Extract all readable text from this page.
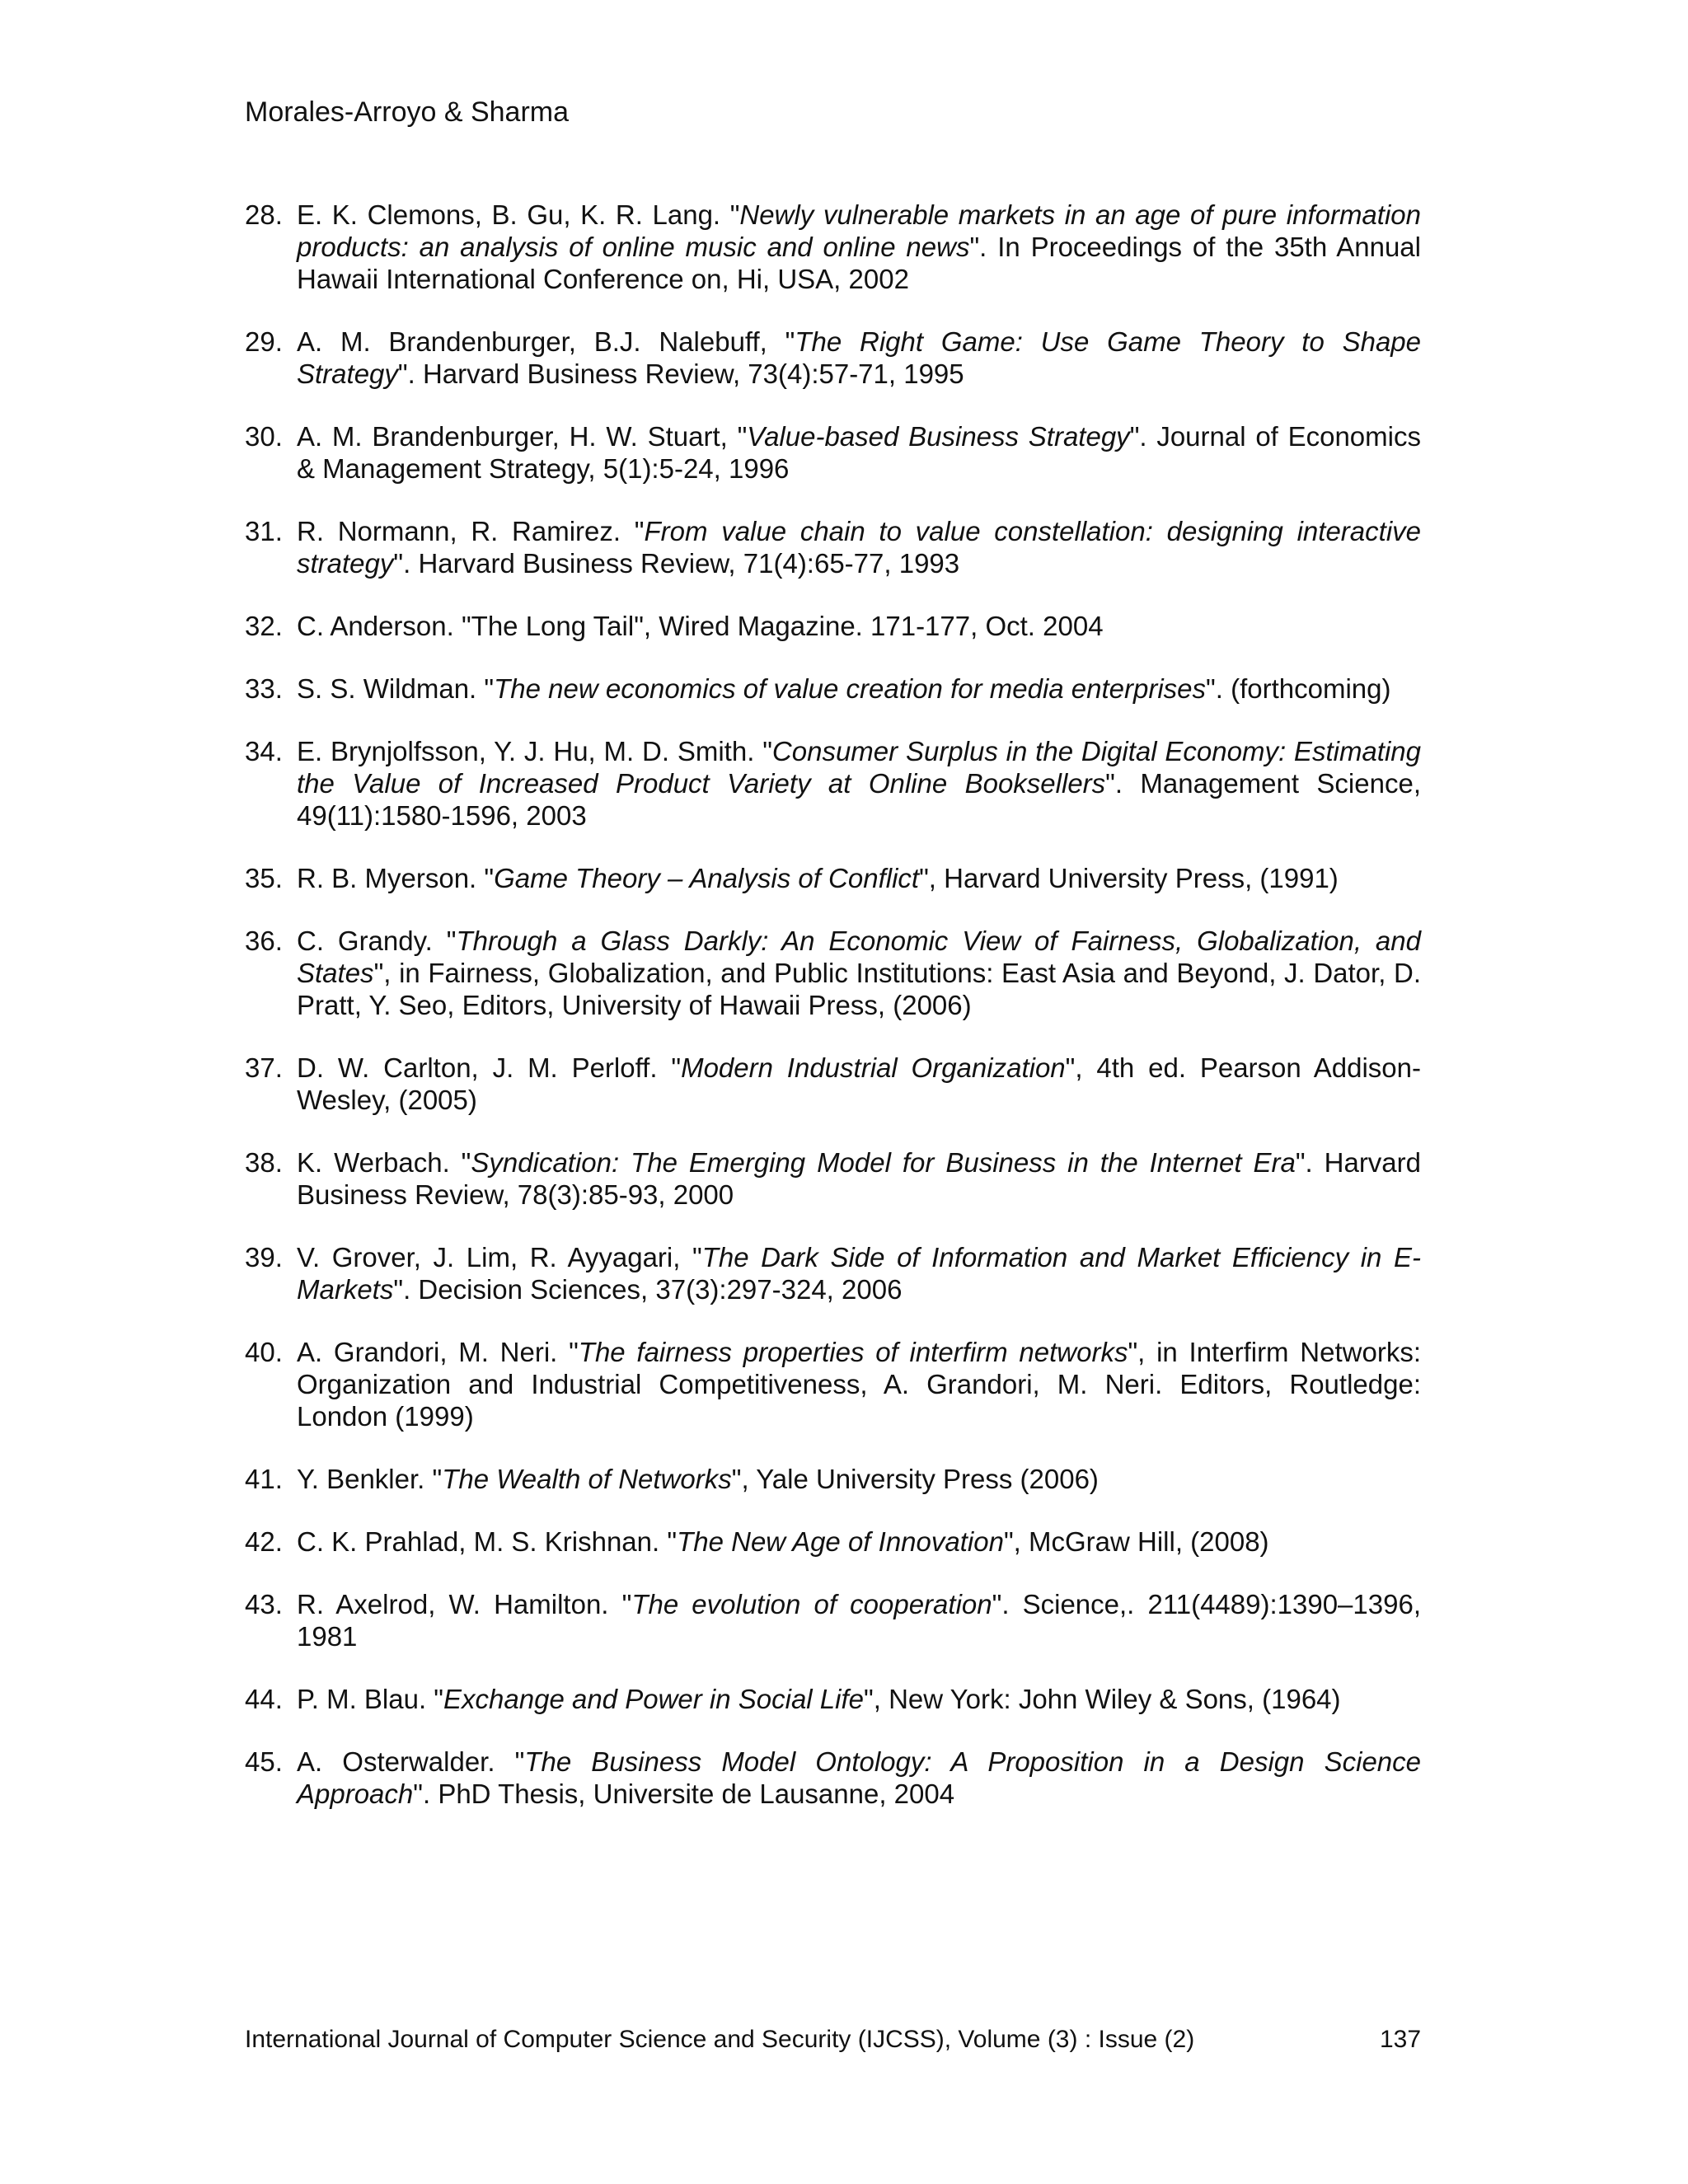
Morales-Arroyo & Sharma
28. E. K. Clemons, B. Gu, K. R. Lang. "Newly vulnerable markets in an age of pure information products: an analysis of online music and online news". In Proceedings of the 35th Annual Hawaii International Conference on, Hi, USA, 2002
29. A. M. Brandenburger, B.J. Nalebuff, "The Right Game: Use Game Theory to Shape Strategy". Harvard Business Review, 73(4):57-71, 1995
30. A. M. Brandenburger, H. W. Stuart, "Value-based Business Strategy". Journal of Economics & Management Strategy, 5(1):5-24, 1996
31. R. Normann, R. Ramirez. "From value chain to value constellation: designing interactive strategy". Harvard Business Review, 71(4):65-77, 1993
32. C. Anderson. "The Long Tail", Wired Magazine. 171-177, Oct. 2004
33. S. S. Wildman. "The new economics of value creation for media enterprises". (forthcoming)
34. E. Brynjolfsson, Y. J. Hu, M. D. Smith. "Consumer Surplus in the Digital Economy: Estimating the Value of Increased Product Variety at Online Booksellers". Management Science, 49(11):1580-1596, 2003
35. R. B. Myerson. "Game Theory – Analysis of Conflict", Harvard University Press, (1991)
36. C. Grandy. "Through a Glass Darkly: An Economic View of Fairness, Globalization, and States", in Fairness, Globalization, and Public Institutions: East Asia and Beyond, J. Dator, D. Pratt, Y. Seo, Editors, University of Hawaii Press, (2006)
37. D. W. Carlton, J. M. Perloff. "Modern Industrial Organization", 4th ed. Pearson Addison-Wesley, (2005)
38. K. Werbach. "Syndication: The Emerging Model for Business in the Internet Era". Harvard Business Review, 78(3):85-93, 2000
39. V. Grover, J. Lim, R. Ayyagari, "The Dark Side of Information and Market Efficiency in E-Markets". Decision Sciences, 37(3):297-324, 2006
40. A. Grandori, M. Neri. "The fairness properties of interfirm networks", in Interfirm Networks: Organization and Industrial Competitiveness, A. Grandori, M. Neri. Editors, Routledge: London (1999)
41. Y. Benkler. "The Wealth of Networks", Yale University Press (2006)
42. C. K. Prahlad, M. S. Krishnan. "The New Age of Innovation", McGraw Hill, (2008)
43. R. Axelrod, W. Hamilton. "The evolution of cooperation". Science,. 211(4489):1390–1396, 1981
44. P. M. Blau. "Exchange and Power in Social Life", New York: John Wiley & Sons, (1964)
45. A. Osterwalder. "The Business Model Ontology: A Proposition in a Design Science Approach". PhD Thesis, Universite de Lausanne, 2004
International Journal of Computer Science and Security (IJCSS), Volume (3) : Issue (2)	137
